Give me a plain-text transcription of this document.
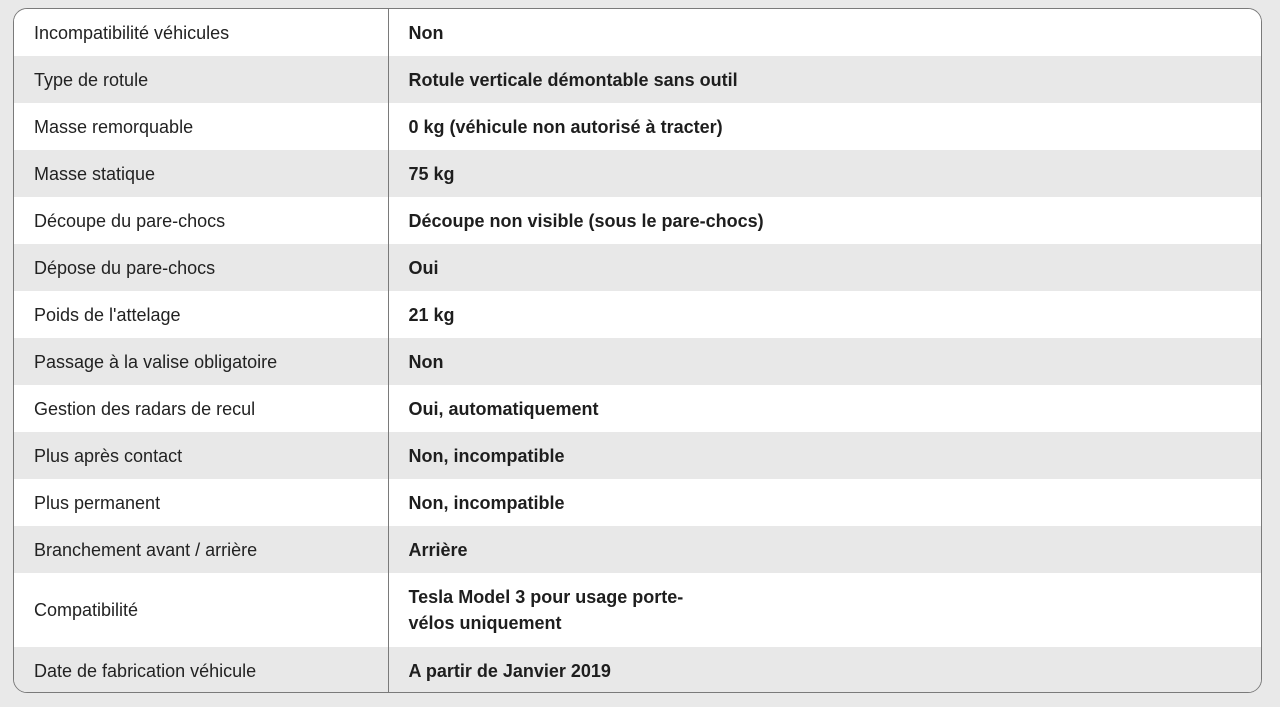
Incompatibilité véhicules	Non
Type de rotule	Rotule verticale démontable sans outil
Masse remorquable	0 kg (véhicule non autorisé à tracter)
Masse statique	75 kg
Découpe du pare-chocs	Découpe non visible (sous le pare-chocs)
Dépose du pare-chocs	Oui
Poids de l'attelage	21 kg
Passage à la valise obligatoire	Non
Gestion des radars de recul	Oui, automatiquement
Plus après contact	Non, incompatible
Plus permanent	Non, incompatible
Branchement avant / arrière	Arrière
Compatibilité	Tesla Model 3 pour usage porte-vélos uniquement
Date de fabrication véhicule	A partir de Janvier 2019
